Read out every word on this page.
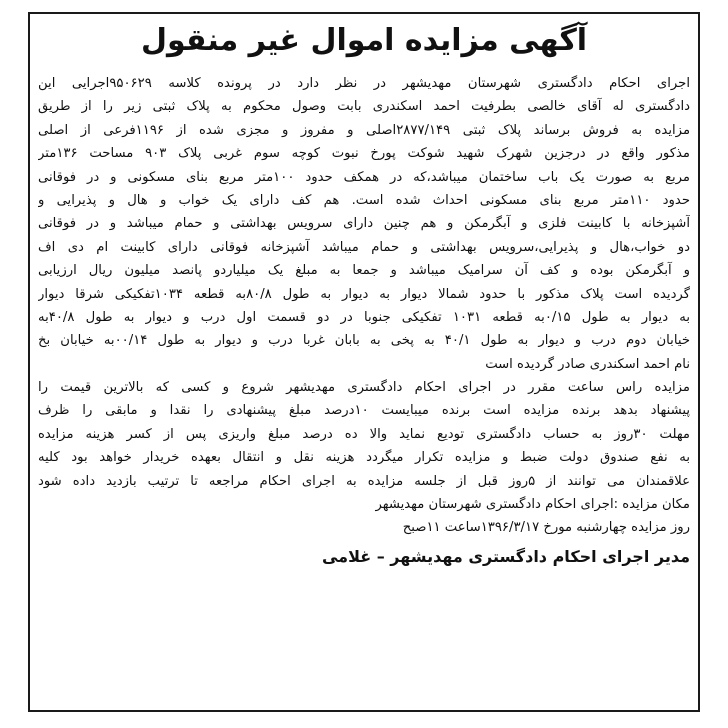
آگهی مزایده اموال غیر منقول
اجرای احکام دادگستری شهرستان مهدیشهر در نظر دارد در پرونده کلاسه ۹۵۰۶۲۹اجرایی این
دادگستری له آقای خالصی بطرفیت احمد اسکندری بابت وصول محکوم به پلاک ثبتی زیر را از طریق
مزایده به فروش برساند پلاک ثبتی ۲۸۷۷/۱۴۹اصلی و مفروز و مجزی شده از ۱۱۹۶فرعی از اصلی
مذکور واقع در درجزین شهرک شهید شوکت پورخ نبوت کوچه سوم غربی پلاک ۹۰۳ مساحت ۱۳۶متر
مربع به صورت یک باب ساختمان میباشد،که در همکف حدود ۱۰۰متر مربع بنای مسکونی و در فوقانی
حدود ۱۱۰متر مربع بنای مسکونی احداث شده است. هم کف دارای یک خواب و هال و پذیرایی و
آشپزخانه با کابینت فلزی و آبگرمکن و هم چنین دارای سرویس بهداشتی و حمام میباشد و در فوقانی
دو خواب،هال و پذیرایی،سرویس بهداشتی و حمام میباشد آشپزخانه فوقانی دارای کابینت ام دی اف
و آبگرمکن بوده و کف آن سرامیک میباشد و جمعا به مبلغ یک میلیاردو پانصد میلیون ریال ارزیابی
گردیده است پلاک مذکور با حدود شمالا دیوار به دیوار به طول ۸۰/۸به قطعه ۱۰۳۴تفکیکی شرقا دیوار
به دیوار به طول ۰/۱۵به قطعه ۱۰۳۱ تفکیکی جنوبا در دو قسمت اول درب و دیوار به طول ۴۰/۸به
خیابان دوم درب و دیوار به طول ۴۰/۱ به پخی به بابان غربا درب و دیوار به طول ۰۰/۱۴به خیابان بخ
نام احمد اسکندری صادر گردیده است
مزایده راس ساعت مقرر در اجرای احکام دادگستری مهدیشهر شروع و کسی که بالاترین قیمت را
پیشنهاد بدهد برنده مزایده است برنده میبایست ۱۰درصد مبلغ پیشنهادی را نقدا و مابقی را ظرف
مهلت ۳۰روز به حساب دادگستری تودیع نماید والا ده درصد مبلغ واریزی پس از کسر هزینه مزایده
به نفع صندوق دولت ضبط و مزایده تکرار میگردد هزینه نقل و انتقال بعهده خریدار خواهد بود کلیه
علاقمندان می توانند از ۵روز قبل از جلسه مزایده به اجرای احکام مراجعه تا ترتیب بازدید داده شود
مکان مزایده :اجرای احکام دادگستری شهرستان مهدیشهر
روز مزایده چهارشنبه مورخ ۱۳۹۶/۳/۱۷ساعت ۱۱صبح
مدیر اجرای احکام دادگستری مهدیشهر – غلامی
